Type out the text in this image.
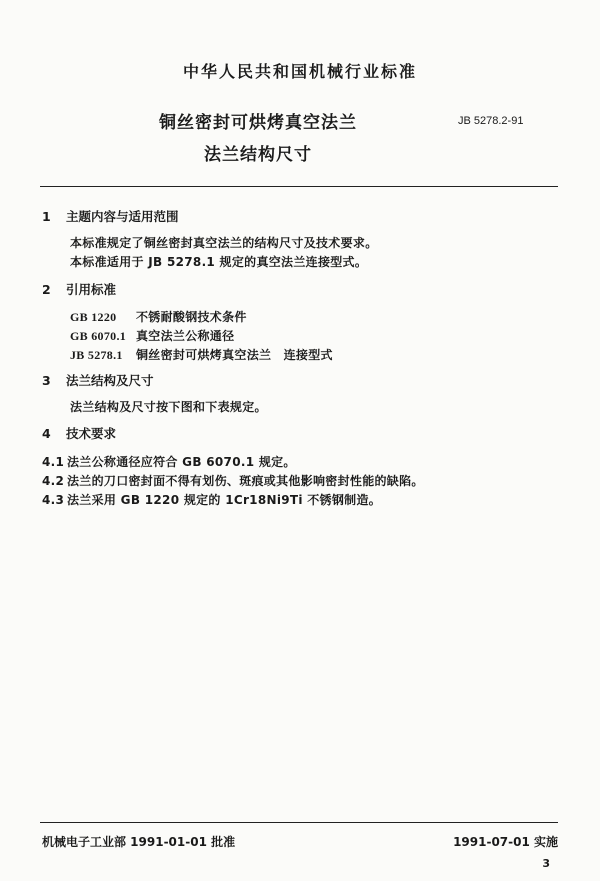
中华人民共和国机械行业标准
铜丝密封可烘烤真空法兰
法兰结构尺寸
JB 5278.2-91
1 主题内容与适用范围
本标准规定了铜丝密封真空法兰的结构尺寸及技术要求。
本标准适用于 JB 5278.1 规定的真空法兰连接型式。
2 引用标准
GB 1220 不锈耐酸钢技术条件
GB 6070.1 真空法兰公称通径
JB 5278.1 铜丝密封可烘烤真空法兰　连接型式
3 法兰结构及尺寸
法兰结构及尺寸按下图和下表规定。
4 技术要求
4.1 法兰公称通径应符合 GB 6070.1 规定。
4.2 法兰的刀口密封面不得有划伤、斑痕或其他影响密封性能的缺陷。
4.3 法兰采用 GB 1220 规定的 1Cr18Ni9Ti 不锈钢制造。
机械电子工业部 1991-01-01 批准	1991-07-01 实施
3
